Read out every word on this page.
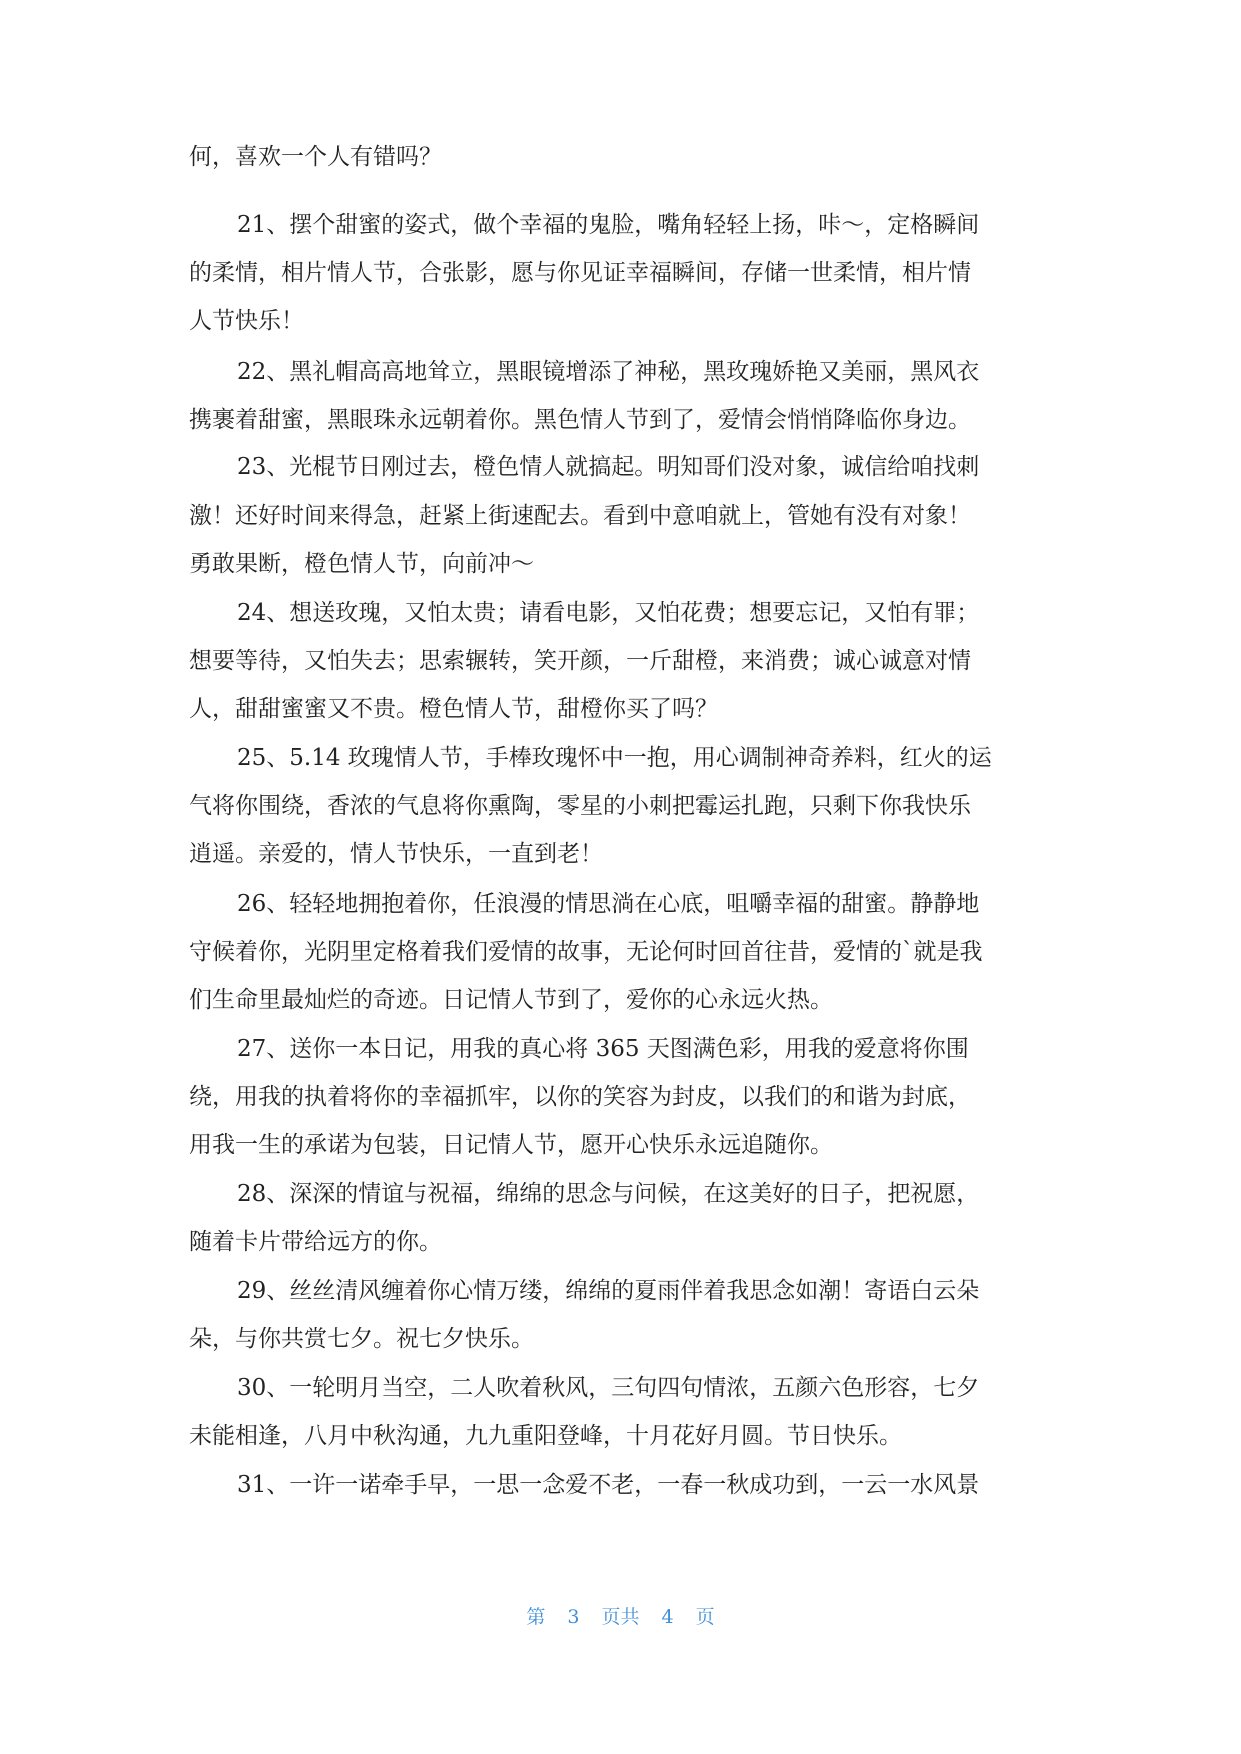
何，喜欢一个人有错吗？
21、摆个甜蜜的姿式，做个幸福的鬼脸，嘴角轻轻上扬，咔～，定格瞬间
的柔情，相片情人节，合张影，愿与你见证幸福瞬间，存储一世柔情，相片情
人节快乐！
22、黑礼帽高高地耸立，黑眼镜增添了神秘，黑玫瑰娇艳又美丽，黑风衣
携裹着甜蜜，黑眼珠永远朝着你。黑色情人节到了，爱情会悄悄降临你身边。
23、光棍节日刚过去，橙色情人就搞起。明知哥们没对象，诚信给咱找刺
激！还好时间来得急，赶紧上街速配去。看到中意咱就上，管她有没有对象！
勇敢果断，橙色情人节，向前冲～
24、想送玫瑰，又怕太贵；请看电影，又怕花费；想要忘记，又怕有罪；
想要等待，又怕失去；思索辗转，笑开颜，一斤甜橙，来消费；诚心诚意对情
人，甜甜蜜蜜又不贵。橙色情人节，甜橙你买了吗？
25、5.14 玫瑰情人节，手棒玫瑰怀中一抱，用心调制神奇养料，红火的运
气将你围绕，香浓的气息将你熏陶，零星的小刺把霉运扎跑，只剩下你我快乐
逍遥。亲爱的，情人节快乐，一直到老！
26、轻轻地拥抱着你，任浪漫的情思淌在心底，咀嚼幸福的甜蜜。静静地
守候着你，光阴里定格着我们爱情的故事，无论何时回首往昔，爱情的`就是我
们生命里最灿烂的奇迹。日记情人节到了，爱你的心永远火热。
27、送你一本日记，用我的真心将 365 天图满色彩，用我的爱意将你围
绕，用我的执着将你的幸福抓牢，以你的笑容为封皮，以我们的和谐为封底，
用我一生的承诺为包装，日记情人节，愿开心快乐永远追随你。
28、深深的情谊与祝福，绵绵的思念与问候，在这美好的日子，把祝愿，
随着卡片带给远方的你。
29、丝丝清风缠着你心情万缕，绵绵的夏雨伴着我思念如潮！寄语白云朵
朵，与你共赏七夕。祝七夕快乐。
30、一轮明月当空，二人吹着秋风，三句四句情浓，五颜六色形容，七夕
未能相逢，八月中秋沟通，九九重阳登峰，十月花好月圆。节日快乐。
31、一许一诺牵手早，一思一念爱不老，一春一秋成功到，一云一水风景
第 3 页共 4 页
